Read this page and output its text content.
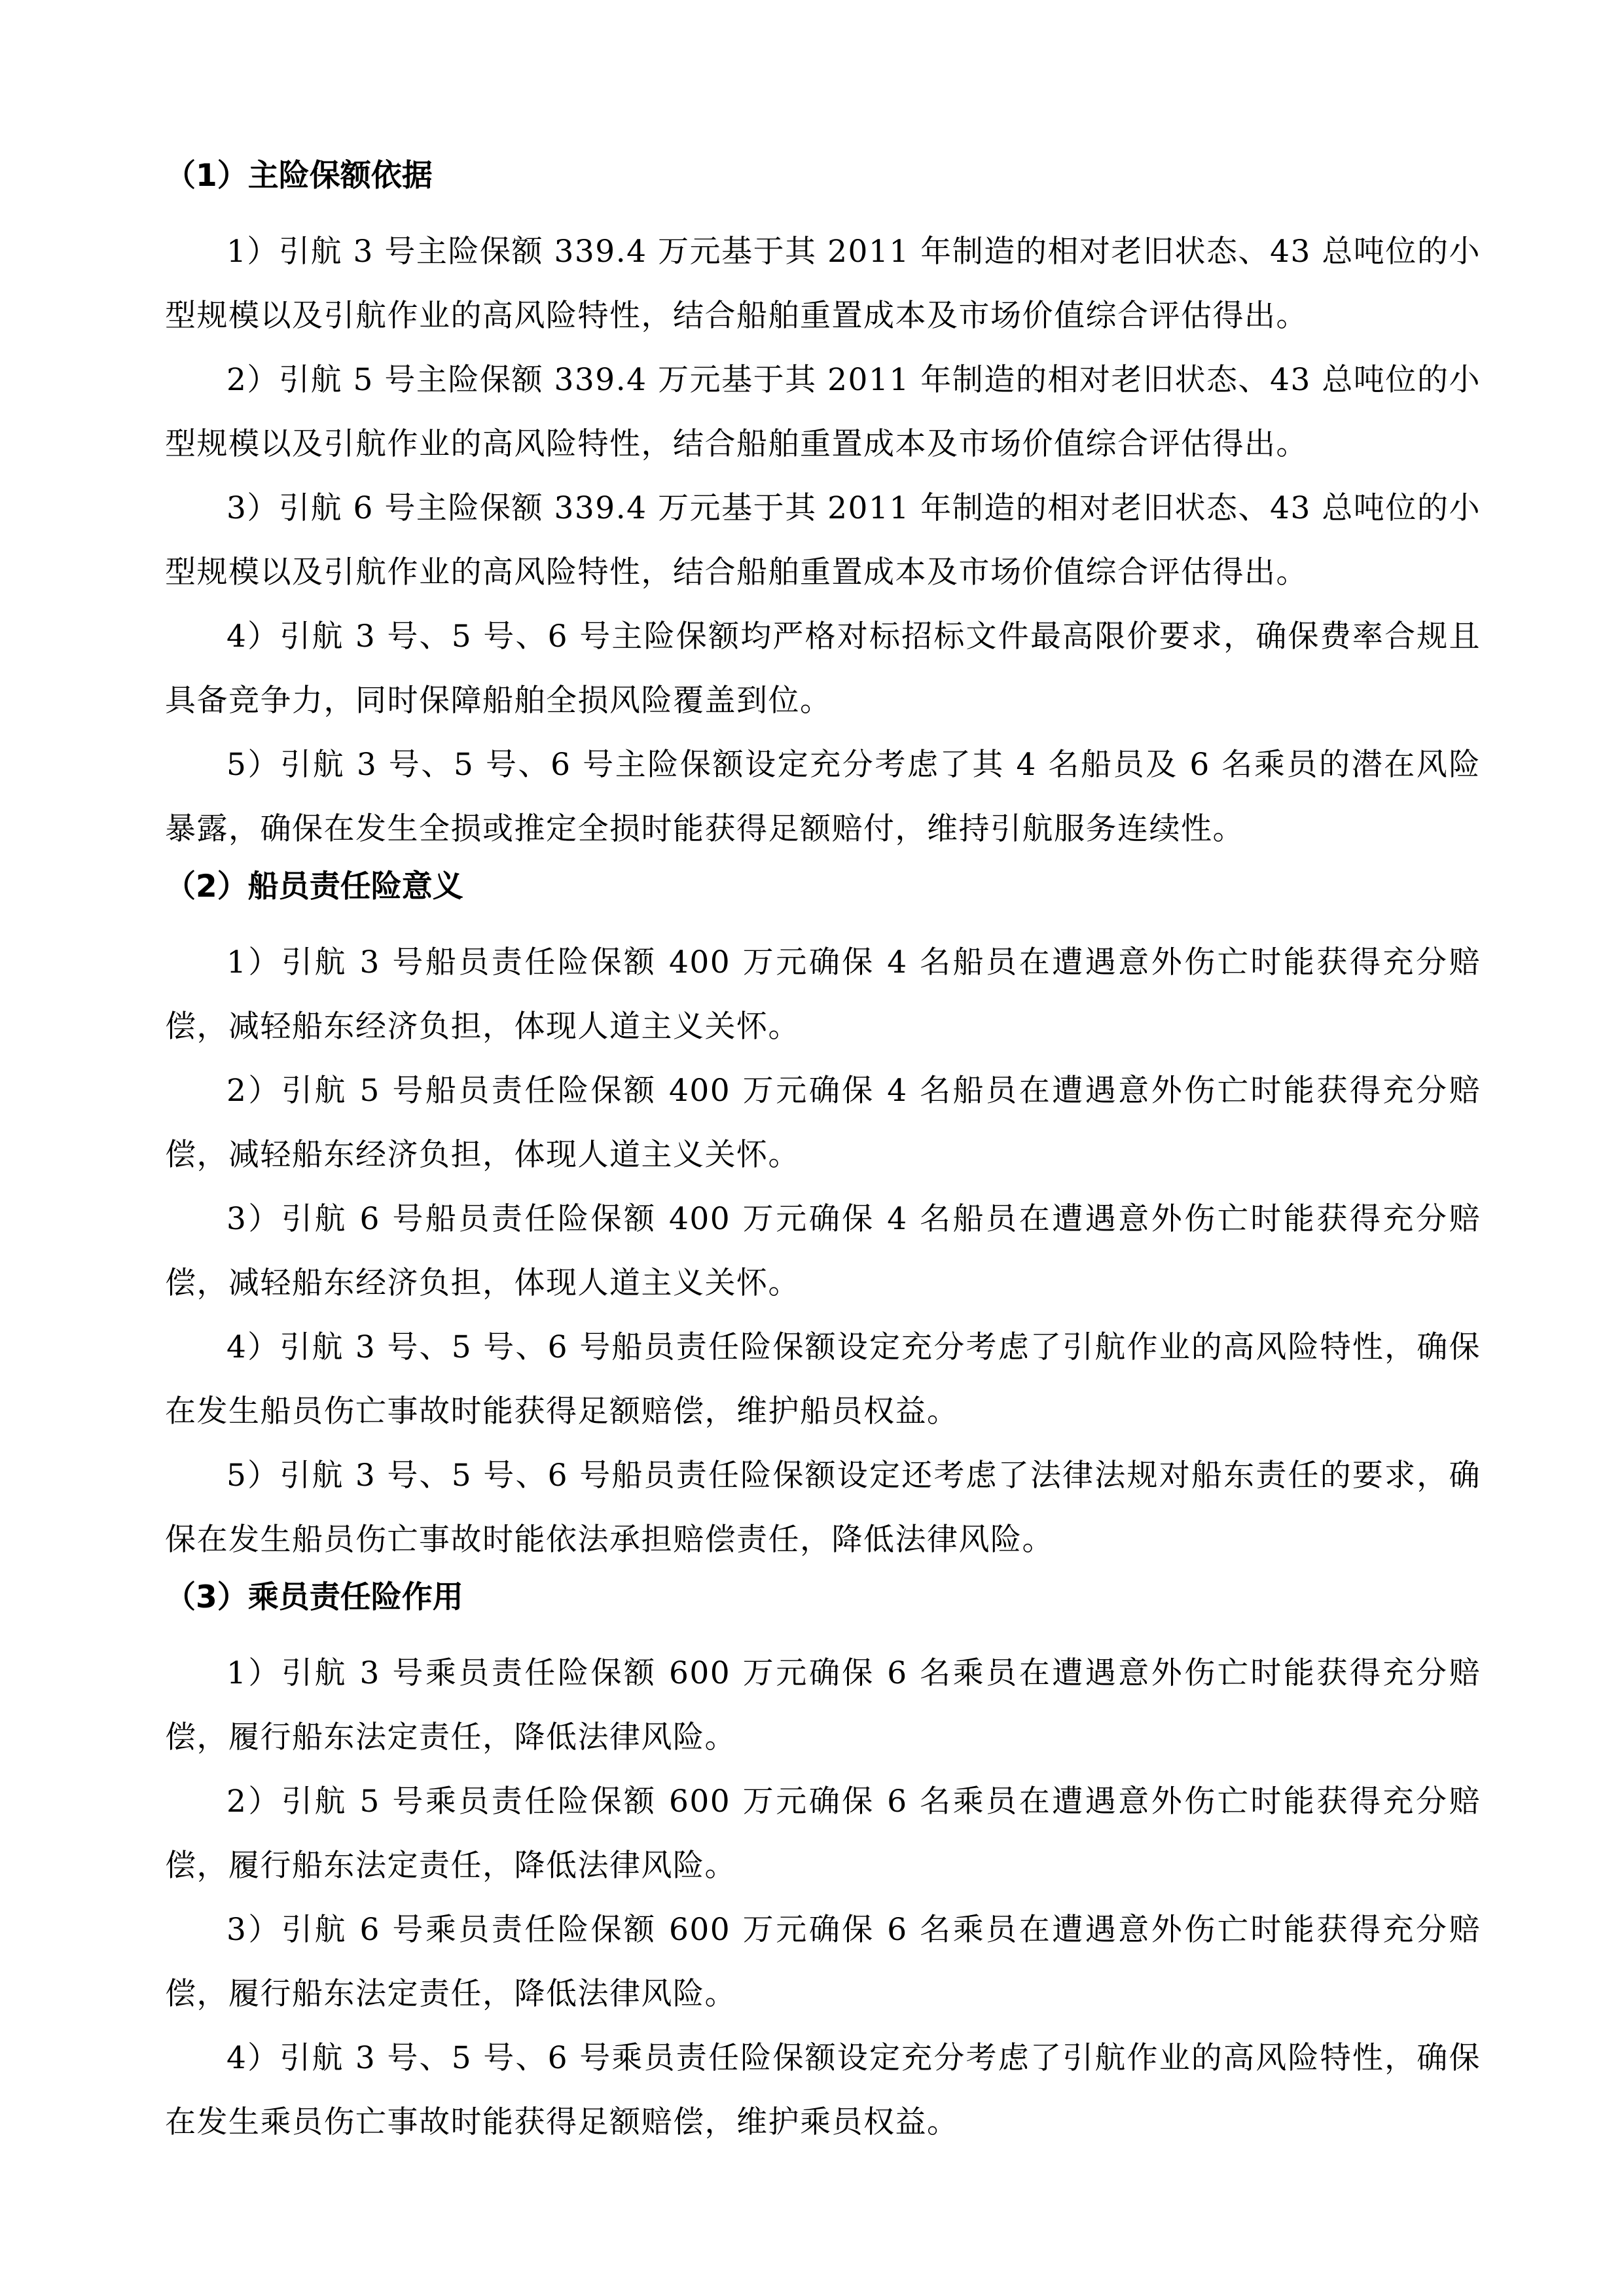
（1）主险保额依据

1）引航 3 号主险保额 339.4 万元基于其 2011 年制造的相对老旧状态、43 总吨位的小型规模以及引航作业的高风险特性，结合船舶重置成本及市场价值综合评估得出。

2）引航 5 号主险保额 339.4 万元基于其 2011 年制造的相对老旧状态、43 总吨位的小型规模以及引航作业的高风险特性，结合船舶重置成本及市场价值综合评估得出。

3）引航 6 号主险保额 339.4 万元基于其 2011 年制造的相对老旧状态、43 总吨位的小型规模以及引航作业的高风险特性，结合船舶重置成本及市场价值综合评估得出。

4）引航 3 号、5 号、6 号主险保额均严格对标招标文件最高限价要求，确保费率合规且具备竞争力，同时保障船舶全损风险覆盖到位。

5）引航 3 号、5 号、6 号主险保额设定充分考虑了其 4 名船员及 6 名乘员的潜在风险暴露，确保在发生全损或推定全损时能获得足额赔付，维持引航服务连续性。

（2）船员责任险意义

1）引航 3 号船员责任险保额 400 万元确保 4 名船员在遭遇意外伤亡时能获得充分赔偿，减轻船东经济负担，体现人道主义关怀。

2）引航 5 号船员责任险保额 400 万元确保 4 名船员在遭遇意外伤亡时能获得充分赔偿，减轻船东经济负担，体现人道主义关怀。

3）引航 6 号船员责任险保额 400 万元确保 4 名船员在遭遇意外伤亡时能获得充分赔偿，减轻船东经济负担，体现人道主义关怀。

4）引航 3 号、5 号、6 号船员责任险保额设定充分考虑了引航作业的高风险特性，确保在发生船员伤亡事故时能获得足额赔偿，维护船员权益。

5）引航 3 号、5 号、6 号船员责任险保额设定还考虑了法律法规对船东责任的要求，确保在发生船员伤亡事故时能依法承担赔偿责任，降低法律风险。

（3）乘员责任险作用

1）引航 3 号乘员责任险保额 600 万元确保 6 名乘员在遭遇意外伤亡时能获得充分赔偿，履行船东法定责任，降低法律风险。

2）引航 5 号乘员责任险保额 600 万元确保 6 名乘员在遭遇意外伤亡时能获得充分赔偿，履行船东法定责任，降低法律风险。

3）引航 6 号乘员责任险保额 600 万元确保 6 名乘员在遭遇意外伤亡时能获得充分赔偿，履行船东法定责任，降低法律风险。

4）引航 3 号、5 号、6 号乘员责任险保额设定充分考虑了引航作业的高风险特性，确保在发生乘员伤亡事故时能获得足额赔偿，维护乘员权益。
